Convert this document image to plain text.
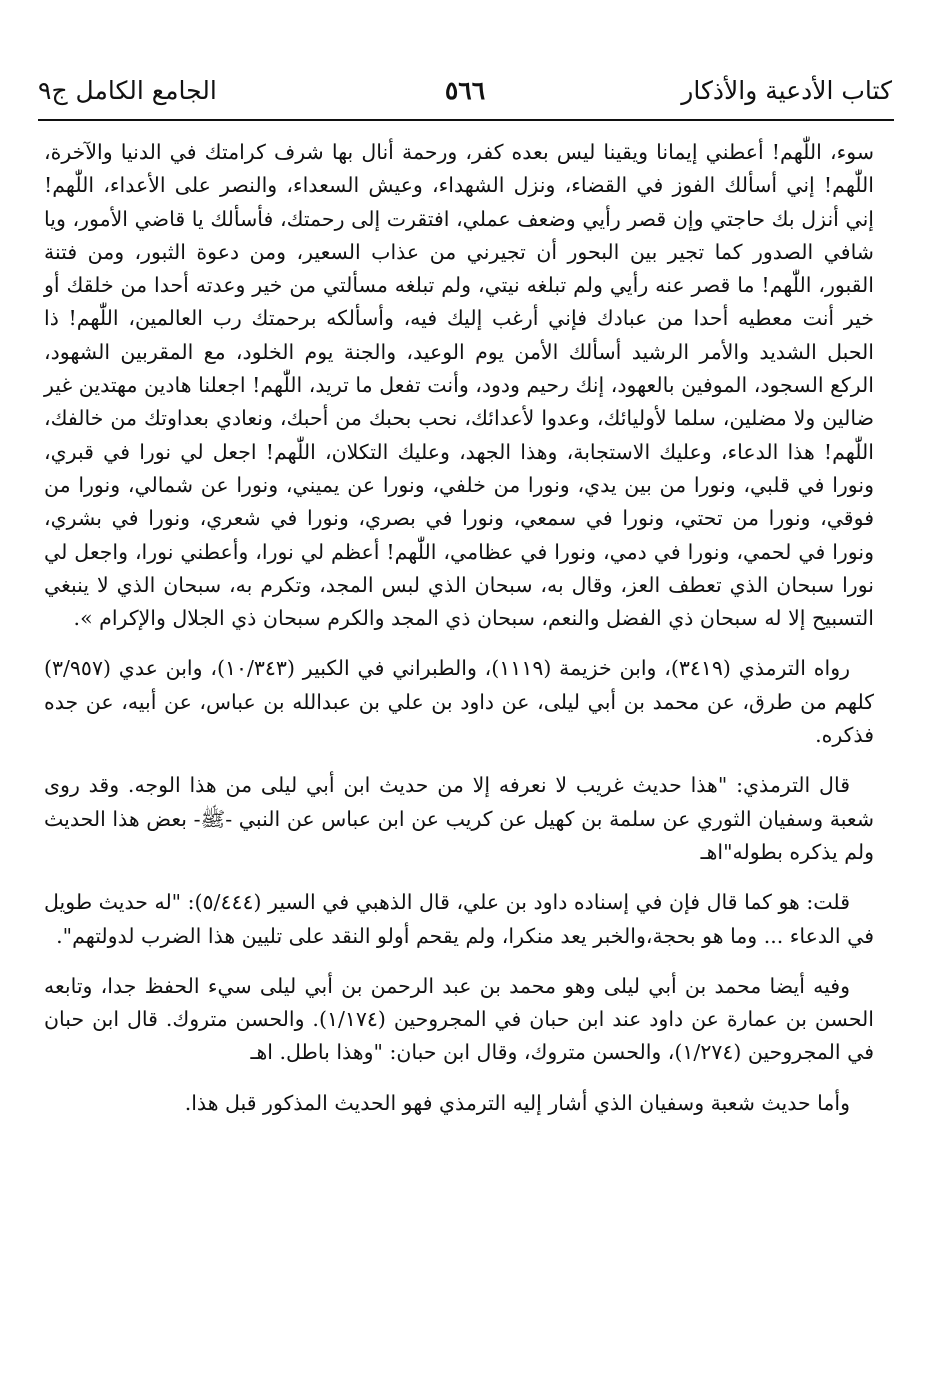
كتاب الأدعية والأذكار
٥٦٦
الجامع الكامل ج٩

سوء، اللّٰهم! أعطني إيمانا ويقينا ليس بعده كفر، ورحمة أنال بها شرف كرامتك في الدنيا والآخرة، اللّٰهم! إني أسألك الفوز في القضاء، ونزل الشهداء، وعيش السعداء، والنصر على الأعداء، اللّٰهم! إني أنزل بك حاجتي وإن قصر رأيي وضعف عملي، افتقرت إلى رحمتك، فأسألك يا قاضي الأمور، ويا شافي الصدور كما تجير بين البحور أن تجيرني من عذاب السعير، ومن دعوة الثبور، ومن فتنة القبور، اللّٰهم! ما قصر عنه رأيي ولم تبلغه نيتي، ولم تبلغه مسألتي من خير وعدته أحدا من خلقك أو خير أنت معطيه أحدا من عبادك فإني أرغب إليك فيه، وأسألكه برحمتك رب العالمين، اللّٰهم! ذا الحبل الشديد والأمر الرشيد أسألك الأمن يوم الوعيد، والجنة يوم الخلود، مع المقربين الشهود، الركع السجود، الموفين بالعهود، إنك رحيم ودود، وأنت تفعل ما تريد، اللّٰهم! اجعلنا هادين مهتدين غير ضالين ولا مضلين، سلما لأوليائك، وعدوا لأعدائك، نحب بحبك من أحبك، ونعادي بعداوتك من خالفك، اللّٰهم! هذا الدعاء، وعليك الاستجابة، وهذا الجهد، وعليك التكلان، اللّٰهم! اجعل لي نورا في قبري، ونورا في قلبي، ونورا من بين يدي، ونورا من خلفي، ونورا عن يميني، ونورا عن شمالي، ونورا من فوقي، ونورا من تحتي، ونورا في سمعي، ونورا في بصري، ونورا في شعري، ونورا في بشري، ونورا في لحمي، ونورا في دمي، ونورا في عظامي، اللّٰهم! أعظم لي نورا، وأعطني نورا، واجعل لي نورا سبحان الذي تعطف العز، وقال به، سبحان الذي لبس المجد، وتكرم به، سبحان الذي لا ينبغي التسبيح إلا له سبحان ذي الفضل والنعم، سبحان ذي المجد والكرم سبحان ذي الجلال والإكرام ».

رواه الترمذي (٣٤١٩)، وابن خزيمة (١١١٩)، والطبراني في الكبير (١٠/٣٤٣)، وابن عدي (٣/٩٥٧) كلهم من طرق، عن محمد بن أبي ليلى، عن داود بن علي بن عبدالله بن عباس، عن أبيه، عن جده فذكره.

قال الترمذي: "هذا حديث غريب لا نعرفه إلا من حديث ابن أبي ليلى من هذا الوجه. وقد روى شعبة وسفيان الثوري عن سلمة بن كهيل عن كريب عن ابن عباس عن النبي -ﷺ- بعض هذا الحديث ولم يذكره بطوله"اهـ

قلت: هو كما قال فإن في إسناده داود بن علي، قال الذهبي في السير (٥/٤٤٤): "له حديث طويل في الدعاء ... وما هو بحجة،والخبر يعد منكرا، ولم يقحم أولو النقد على تليين هذا الضرب لدولتهم".

وفيه أيضا محمد بن أبي ليلى وهو محمد بن عبد الرحمن بن أبي ليلى سيء الحفظ جدا، وتابعه الحسن بن عمارة عن داود عند ابن حبان في المجروحين (١/١٧٤). والحسن متروك. قال ابن حبان في المجروحين (١/٢٧٤)، والحسن متروك، وقال ابن حبان: "وهذا باطل. اهـ

وأما حديث شعبة وسفيان الذي أشار إليه الترمذي فهو الحديث المذكور قبل هذا.
